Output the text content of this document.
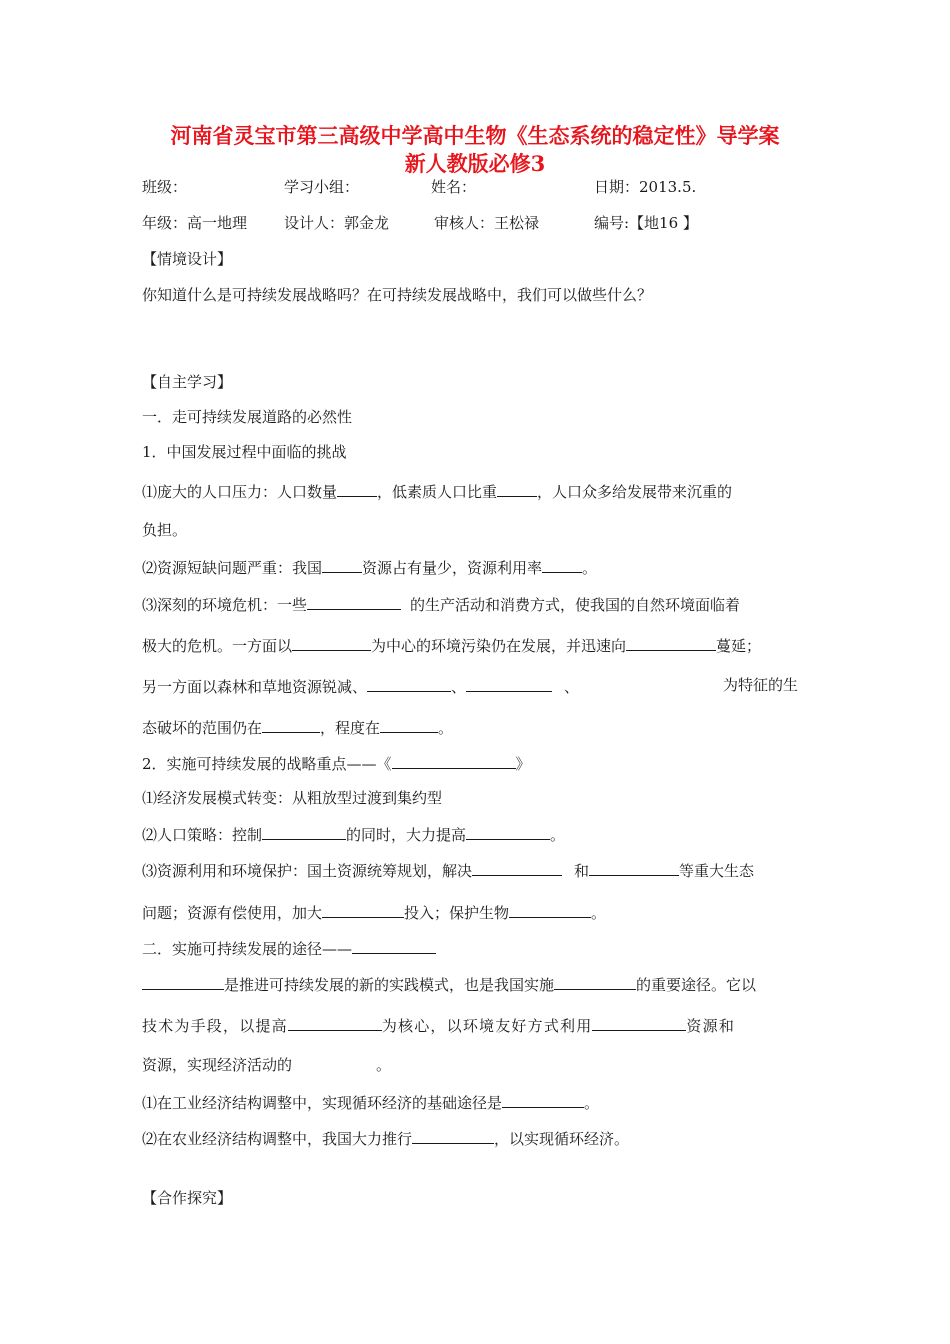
河南省灵宝市第三高级中学高中生物《生态系统的稳定性》导学案
新人教版必修3
班级：	学习小组：	姓名：	日期：2013.5.
年级：高一地理 设计人：郭金龙	审核人：王松禄	编号:【地16 】
【情境设计】
你知道什么是可持续发展战略吗？在可持续发展战略中，我们可以做些什么？
【自主学习】
一．走可持续发展道路的必然性
1．中国发展过程中面临的挑战
⑴庞大的人口压力：人口数量	，低素质人口比重	，人口众多给发展带来沉重的
负担。
⑵资源短缺问题严重：我国	资源占有量少，资源利用率	。
⑶深刻的环境危机：一些	的生产活动和消费方式，使我国的自然环境面临着
极大的危机。一方面以	为中心的环境污染仍在发展，并迅速向	蔓延；
另一方面以森林和草地资源锐减、	、	、	为特征的生
态破坏的范围仍在	，程度在	。
2．实施可持续发展的战略重点——《	》
⑴经济发展模式转变：从粗放型过渡到集约型
⑵人口策略：控制	的同时，大力提高	。
⑶资源利用和环境保护：国土资源统筹规划，解决	和	等重大生态
问题；资源有偿使用，加大	投入；保护生物	。
二．实施可持续发展的途径——
是推进可持续发展的新的实践模式，也是我国实施	的重要途径。它以
技术为手段，以提高	为核心，以环境友好方式利用	资源和
资源，实现经济活动的	。
⑴在工业经济结构调整中，实现循环经济的基础途径是	。
⑵在农业经济结构调整中，我国大力推行	，以实现循环经济。
【合作探究】
